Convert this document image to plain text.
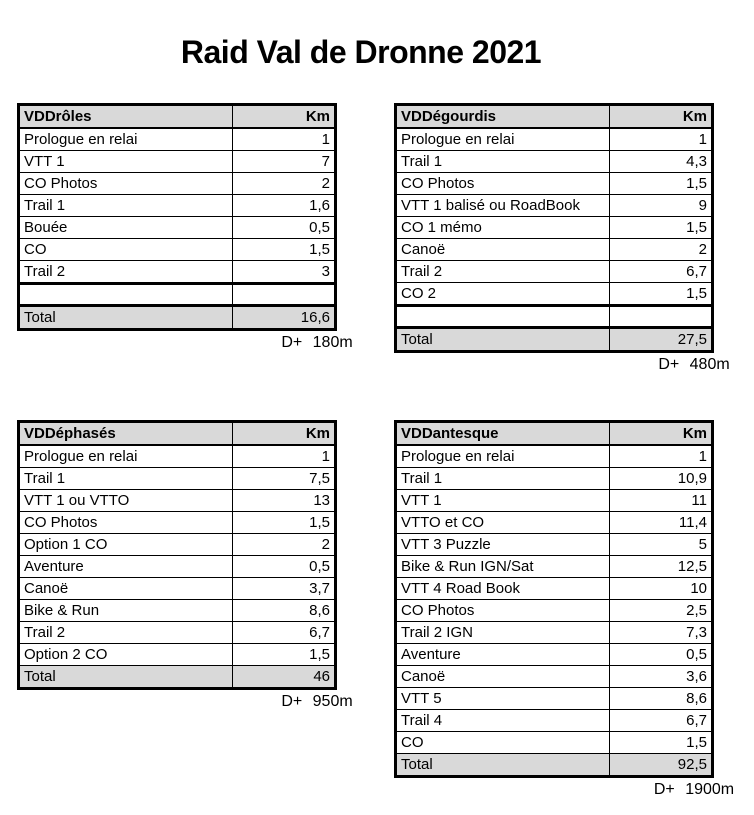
Raid Val de Dronne 2021
VDDrôles	Km
Prologue en relai	1
VTT 1	7
CO Photos	2
Trail 1	1,6
Bouée	0,5
CO	1,5
Trail 2	3

Total	16,6
D+ 180m
VDDégourdis	Km
Prologue en relai	1
Trail 1	4,3
CO Photos	1,5
VTT 1 balisé ou RoadBook	9
CO 1 mémo	1,5
Canoë	2
Trail 2	6,7
CO 2	1,5

Total	27,5
D+ 480m
VDDéphasés	Km
Prologue en relai	1
Trail 1	7,5
VTT 1 ou VTTO	13
CO Photos	1,5
Option 1 CO	2
Aventure	0,5
Canoë	3,7
Bike & Run	8,6
Trail 2	6,7
Option 2 CO	1,5
Total	46
D+ 950m
VDDantesque	Km
Prologue en relai	1
Trail 1	10,9
VTT 1	11
VTTO et CO	11,4
VTT 3 Puzzle	5
Bike & Run IGN/Sat	12,5
VTT 4 Road Book	10
CO Photos	2,5
Trail 2 IGN	7,3
Aventure	0,5
Canoë	3,6
VTT 5	8,6
Trail 4	6,7
CO	1,5
Total	92,5
D+ 1900m
